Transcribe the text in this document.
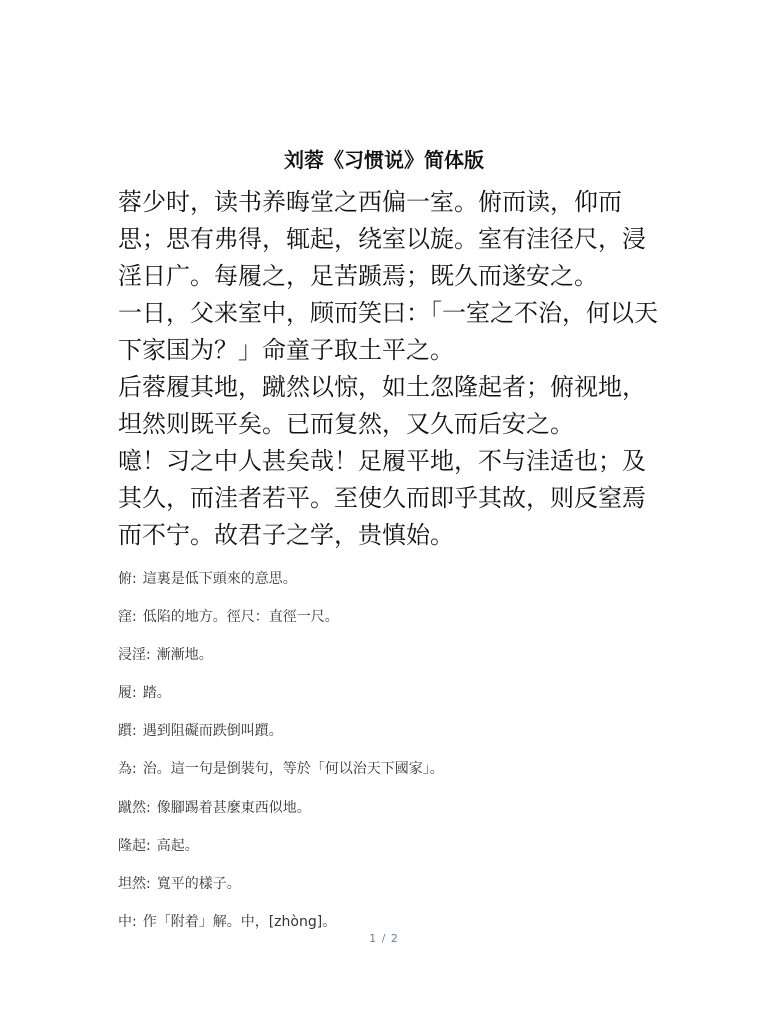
刘蓉《习惯说》简体版

蓉少时，读书养晦堂之西偏一室。俯而读，仰而思；思有弗得，辄起，绕室以旋。室有洼径尺，浸淫日广。每履之，足苦踬焉；既久而遂安之。

一日，父来室中，顾而笑曰：「一室之不治，何以天下家国为？」命童子取土平之。

后蓉履其地，蹴然以惊，如土忽隆起者；俯视地，坦然则既平矣。已而复然，又久而后安之。

噫！习之中人甚矣哉！足履平地，不与洼适也；及其久，而洼者若平。至使久而即乎其故，则反窒焉而不宁。故君子之学，贵慎始。

俯: 這裏是低下頭來的意思。
窪: 低陷的地方。徑尺：直徑一尺。
浸淫: 漸漸地。
履: 踏。
躓: 遇到阻礙而跌倒叫躓。
為: 治。這一句是倒裝句，等於「何以治天下國家」。
蹴然: 像腳踢着甚麼東西似地。
隆起: 高起。
坦然: 寬平的樣子。
中: 作「附着」解。中，[zhòng]。
1 / 2
